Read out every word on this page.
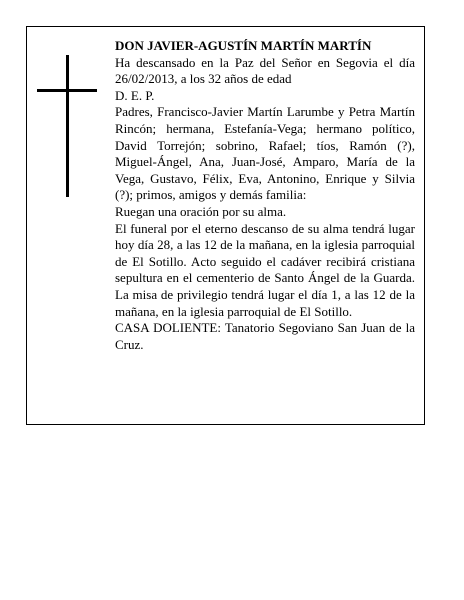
DON JAVIER-AGUSTÍN MARTÍN MARTÍN

Ha descansado en la Paz del Señor en Segovia el día 26/02/2013, a los 32 años de edad

D. E. P.

Padres, Francisco-Javier Martín Larumbe y Petra Martín Rincón; hermana, Estefanía-Vega; hermano político, David Torrejón; sobrino, Rafael; tíos, Ramón (?), Miguel-Ángel, Ana, Juan-José, Amparo, María de la Vega, Gustavo, Félix, Eva, Antonino, Enrique y Silvia (?); primos, amigos y demás familia:

Ruegan una oración por su alma.

El funeral por el eterno descanso de su alma tendrá lugar hoy día 28, a las 12 de la mañana, en la iglesia parroquial de El Sotillo. Acto seguido el cadáver recibirá cristiana sepultura en el cementerio de Santo Ángel de la Guarda. La misa de privilegio tendrá lugar el día 1, a las 12 de la mañana, en la iglesia parroquial de El Sotillo.

CASA DOLIENTE: Tanatorio Segoviano San Juan de la Cruz.
